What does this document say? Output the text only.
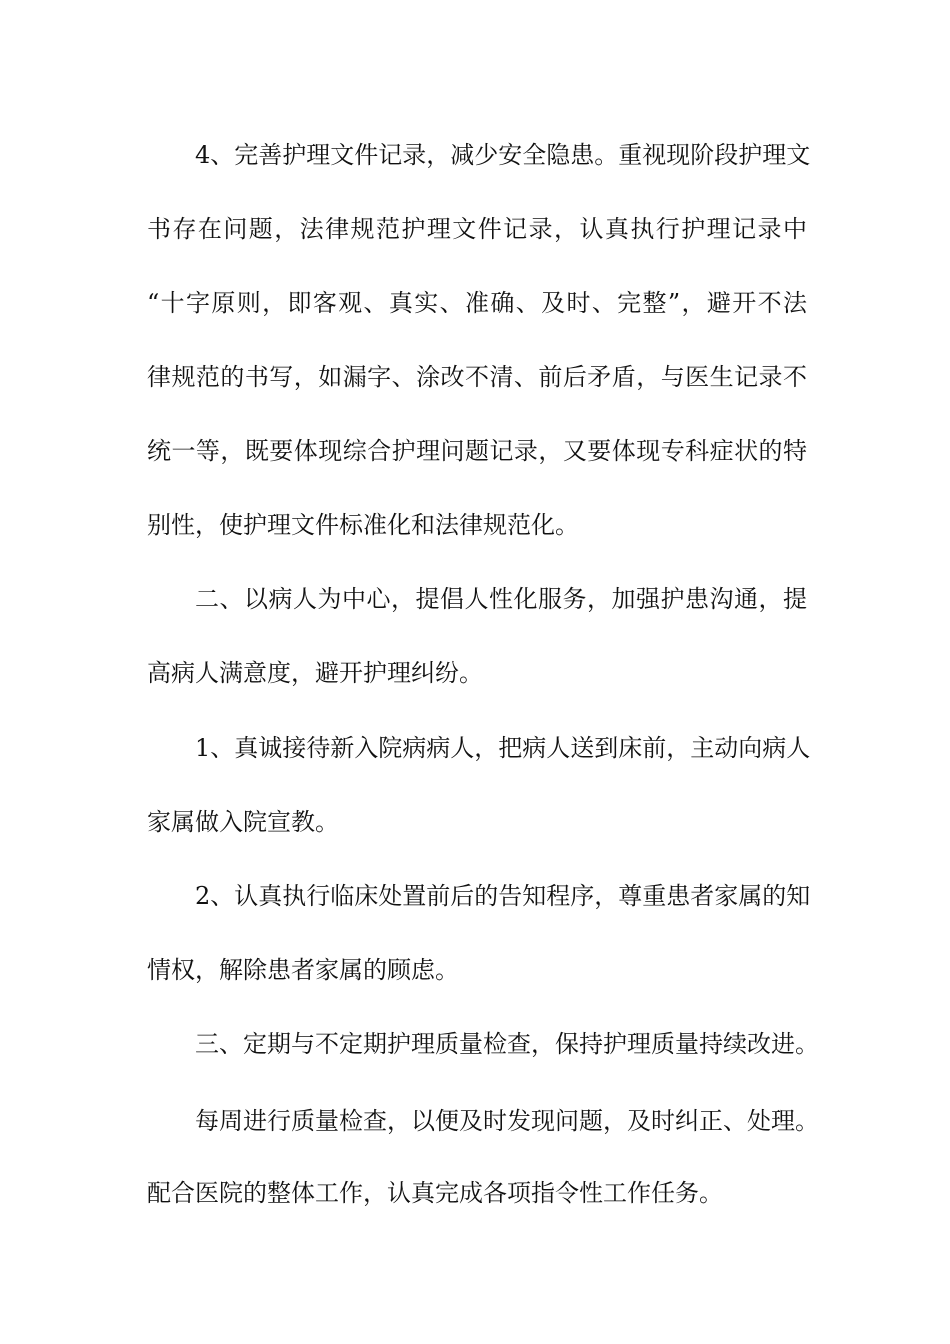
4、完善护理文件记录，减少安全隐患。重视现阶段护理文
书存在问题，法律规范护理文件记录，认真执行护理记录中
“十字原则，即客观、真实、准确、及时、完整”，避开不法
律规范的书写，如漏字、涂改不清、前后矛盾，与医生记录不
统一等，既要体现综合护理问题记录，又要体现专科症状的特
别性，使护理文件标准化和法律规范化。
二、以病人为中心，提倡人性化服务，加强护患沟通，提
高病人满意度，避开护理纠纷。
1、真诚接待新入院病病人，把病人送到床前，主动向病人
家属做入院宣教。
2、认真执行临床处置前后的告知程序，尊重患者家属的知
情权，解除患者家属的顾虑。
三、定期与不定期护理质量检查，保持护理质量持续改进。
每周进行质量检查，以便及时发现问题，及时纠正、处理。
配合医院的整体工作，认真完成各项指令性工作任务。
